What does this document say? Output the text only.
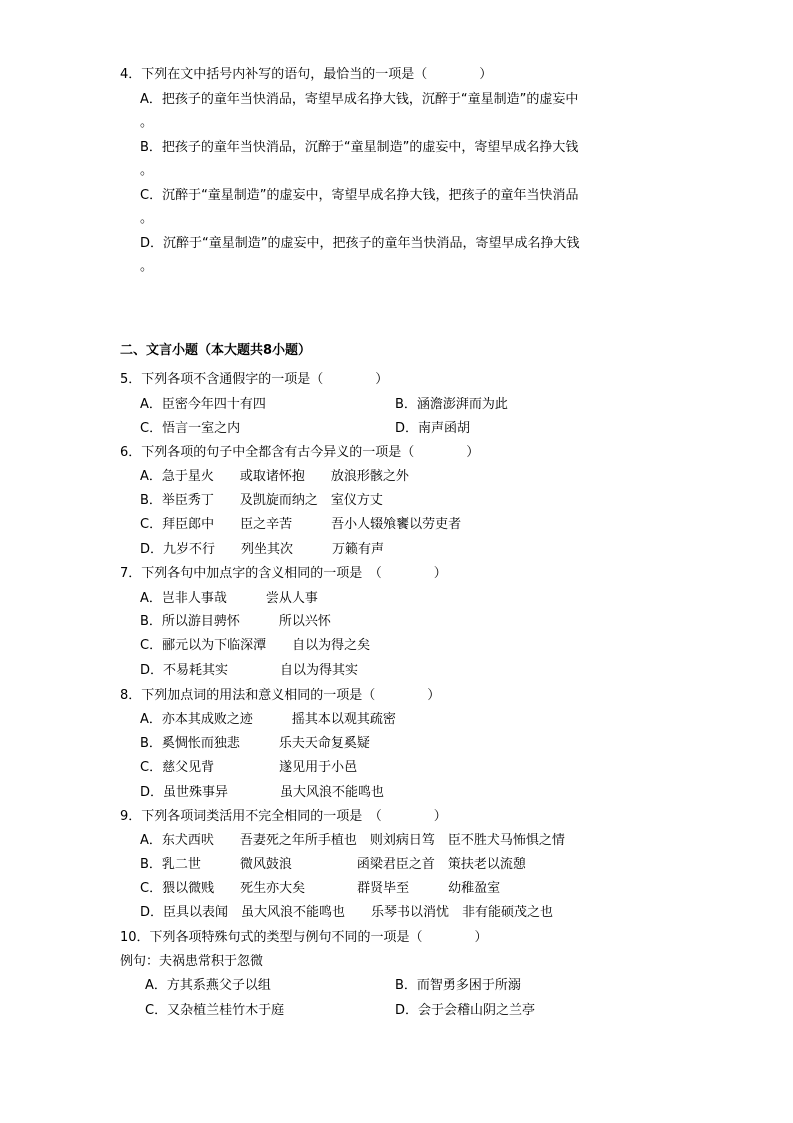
4．下列在文中括号内补写的语句，最恰当的一项是（　　　　）
A．把孩子的童年当快消品，寄望早成名挣大钱，沉醉于“童星制造”的虚妄中
。
B．把孩子的童年当快消品，沉醉于“童星制造”的虚妄中，寄望早成名挣大钱
。
C．沉醉于“童星制造”的虚妄中，寄望早成名挣大钱，把孩子的童年当快消品
。
D．沉醉于“童星制造”的虚妄中，把孩子的童年当快消品，寄望早成名挣大钱
。
二、文言小题（本大题共8小题）
5．下列各项不含通假字的一项是（　　　　）
A．臣密今年四十有四	B．涵澹澎湃而为此
C．悟言一室之内	D．南声函胡
6．下列各项的句子中全都含有古今异义的一项是（　　　　）
A．急于星火　　或取诸怀抱　　放浪形骸之外
B．举臣秀丁　　及凯旋而纳之　室仪方丈
C．拜臣郎中　　臣之辛苦　　　吾小人辍飧饔以劳吏者
D．九岁不行　　列坐其次　　　万籁有声
7．下列各句中加点字的含义相同的一项是　（　　　　）
A．岂非人事哉　　　尝从人事
B．所以游目骋怀　　　所以兴怀
C．郦元以为下临深潭　　自以为得之矣
D．不易耗其实　　　　自以为得其实
8．下列加点词的用法和意义相同的一项是（　　　　）
A．亦本其成败之迹　　　摇其本以观其疏密
B．奚惆怅而独悲　　　乐夫天命复奚疑
C．慈父见背　　　　　遂见用于小邑
D．虽世殊事异　　　　虽大风浪不能鸣也
9．下列各项词类活用不完全相同的一项是　（　　　　）
A．东犬西吠　　吾妻死之年所手植也　则刘病日笃　臣不胜犬马怖惧之情
B．乳二世　　　微风鼓浪　　　　　函梁君臣之首　策扶老以流憩
C．猥以微贱　　死生亦大矣　　　　群贤毕至　　　幼稚盈室
D．臣具以表闻　虽大风浪不能鸣也　　乐琴书以消忧　非有能硕茂之也
10．下列各项特殊句式的类型与例句不同的一项是（　　　　）
例句：夫祸患常积于忽微
A．方其系燕父子以组	B．而智勇多困于所溺
C．又杂植兰桂竹木于庭	D．会于会稽山阴之兰亭
